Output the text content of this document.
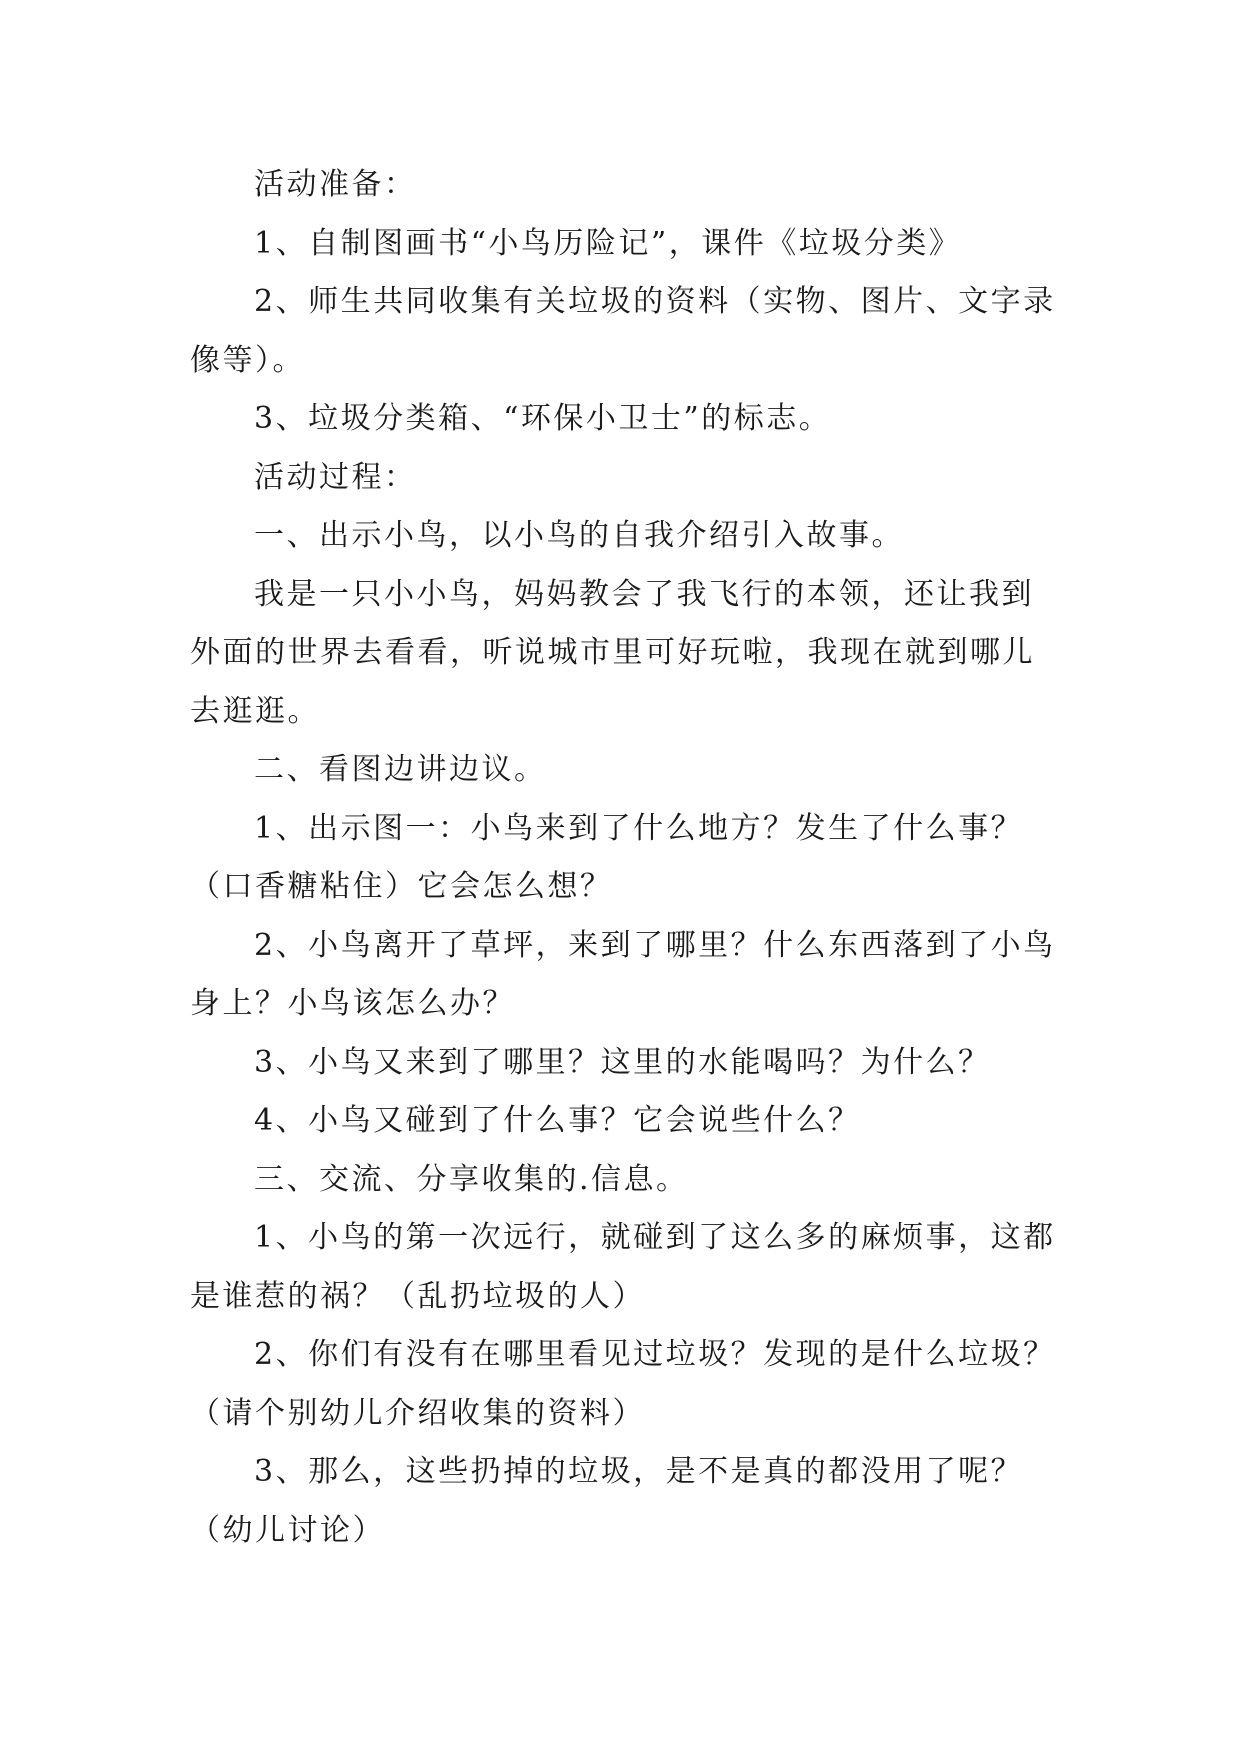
活动准备：

1、自制图画书“小鸟历险记”，课件《垃圾分类》

2、师生共同收集有关垃圾的资料（实物、图片、文字录像等）。

3、垃圾分类箱、“环保小卫士”的标志。

活动过程：

一、出示小鸟，以小鸟的自我介绍引入故事。

我是一只小小鸟，妈妈教会了我飞行的本领，还让我到外面的世界去看看，听说城市里可好玩啦，我现在就到哪儿去逛逛。

二、看图边讲边议。

1、出示图一：小鸟来到了什么地方？发生了什么事？（口香糖粘住）它会怎么想？

2、小鸟离开了草坪，来到了哪里？什么东西落到了小鸟身上？小鸟该怎么办？

3、小鸟又来到了哪里？这里的水能喝吗？为什么？

4、小鸟又碰到了什么事？它会说些什么？

三、交流、分享收集的.信息。

1、小鸟的第一次远行，就碰到了这么多的麻烦事，这都是谁惹的祸？（乱扔垃圾的人）

2、你们有没有在哪里看见过垃圾？发现的是什么垃圾？（请个别幼儿介绍收集的资料）

3、那么，这些扔掉的垃圾，是不是真的都没用了呢？（幼儿讨论）
